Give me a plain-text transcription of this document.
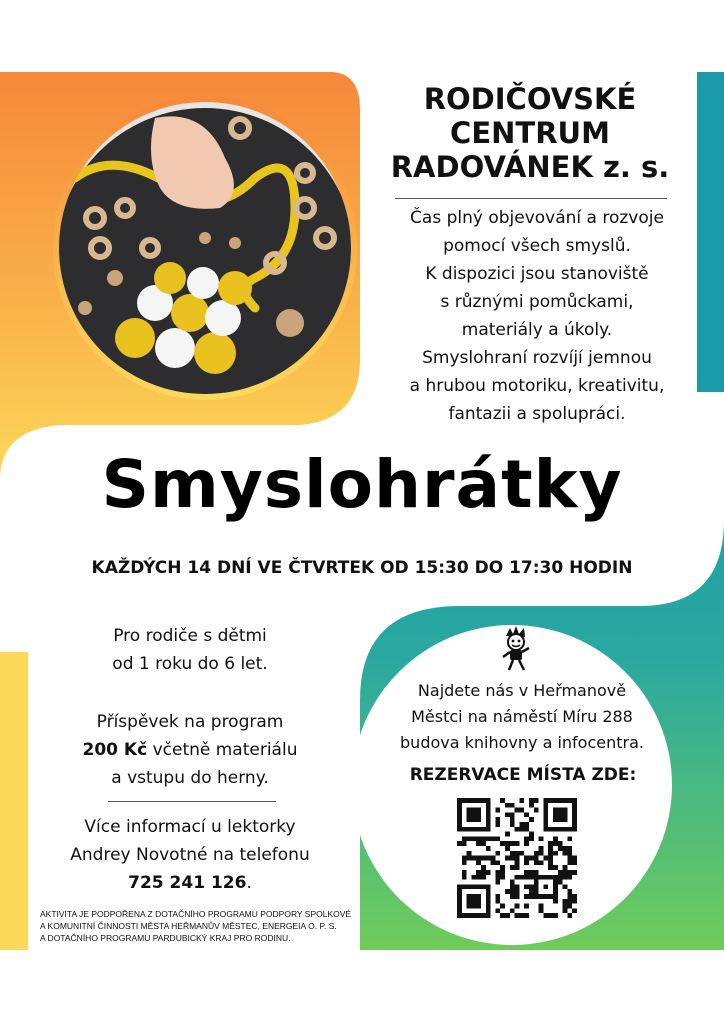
RODIČOVSKÉ
CENTRUM
RADOVÁNEK z. s.
Čas plný objevování a rozvoje
pomocí všech smyslů.
K dispozici jsou stanoviště
s různými pomůckami,
materiály a úkoly.
Smyslohraní rozvíjí jemnou
a hrubou motoriku, kreativitu,
fantazii a spolupráci.
Smyslohrátky
KAŽDÝCH 14 DNÍ VE ČTVRTEK OD 15:30 DO 17:30 HODIN
Pro rodiče s dětmi
od 1 roku do 6 let.
Příspěvek na program
200 Kč včetně materiálu
a vstupu do herny.
Více informací u lektorky
Andrey Novotné na telefonu
725 241 126.
AKTIVITA JE PODPOŘENA Z DOTAČNÍHO PROGRAMU PODPORY SPOLKOVÉ
A KOMUNITNÍ ČINNOSTI MĚSTA HEŘMANŮV MĚSTEC, ENERGEIA O. P. S.
A DOTAČNÍHO PROGRAMU PARDUBICKÝ KRAJ PRO RODINU.
Najdete nás v Heřmanově
Městci na náměstí Míru 288
budova knihovny a infocentra.
REZERVACE MÍSTA ZDE:
